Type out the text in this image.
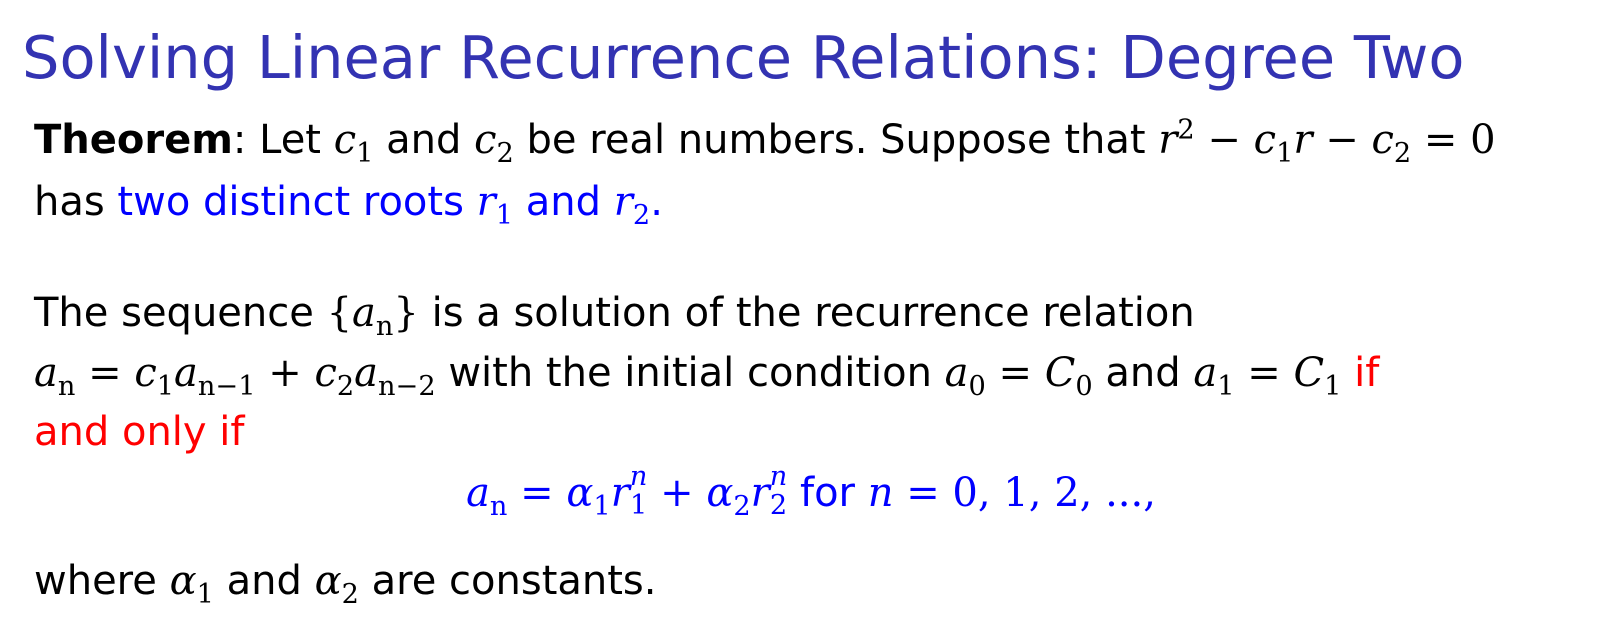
Solving Linear Recurrence Relations: Degree Two
Theorem: Let $c_1$ and $c_2$ be real numbers. Suppose that $r^2 - c_1r - c_2 = 0$
has two distinct roots $r_1$ and $r_2$.
The sequence $\{a_n\}$ is a solution of the recurrence relation
$a_n = c_1a_{n-1} + c_2a_{n-2}$ with the initial condition $a_0 = C_0$ and $a_1 = C_1$ if
and only if
$a_n = \alpha_1r$ n
$1 + \alpha_2r$ n
2 for n = 0, 1, 2, ...,
where $\alpha_1$ and $\alpha_2$ are constants.
